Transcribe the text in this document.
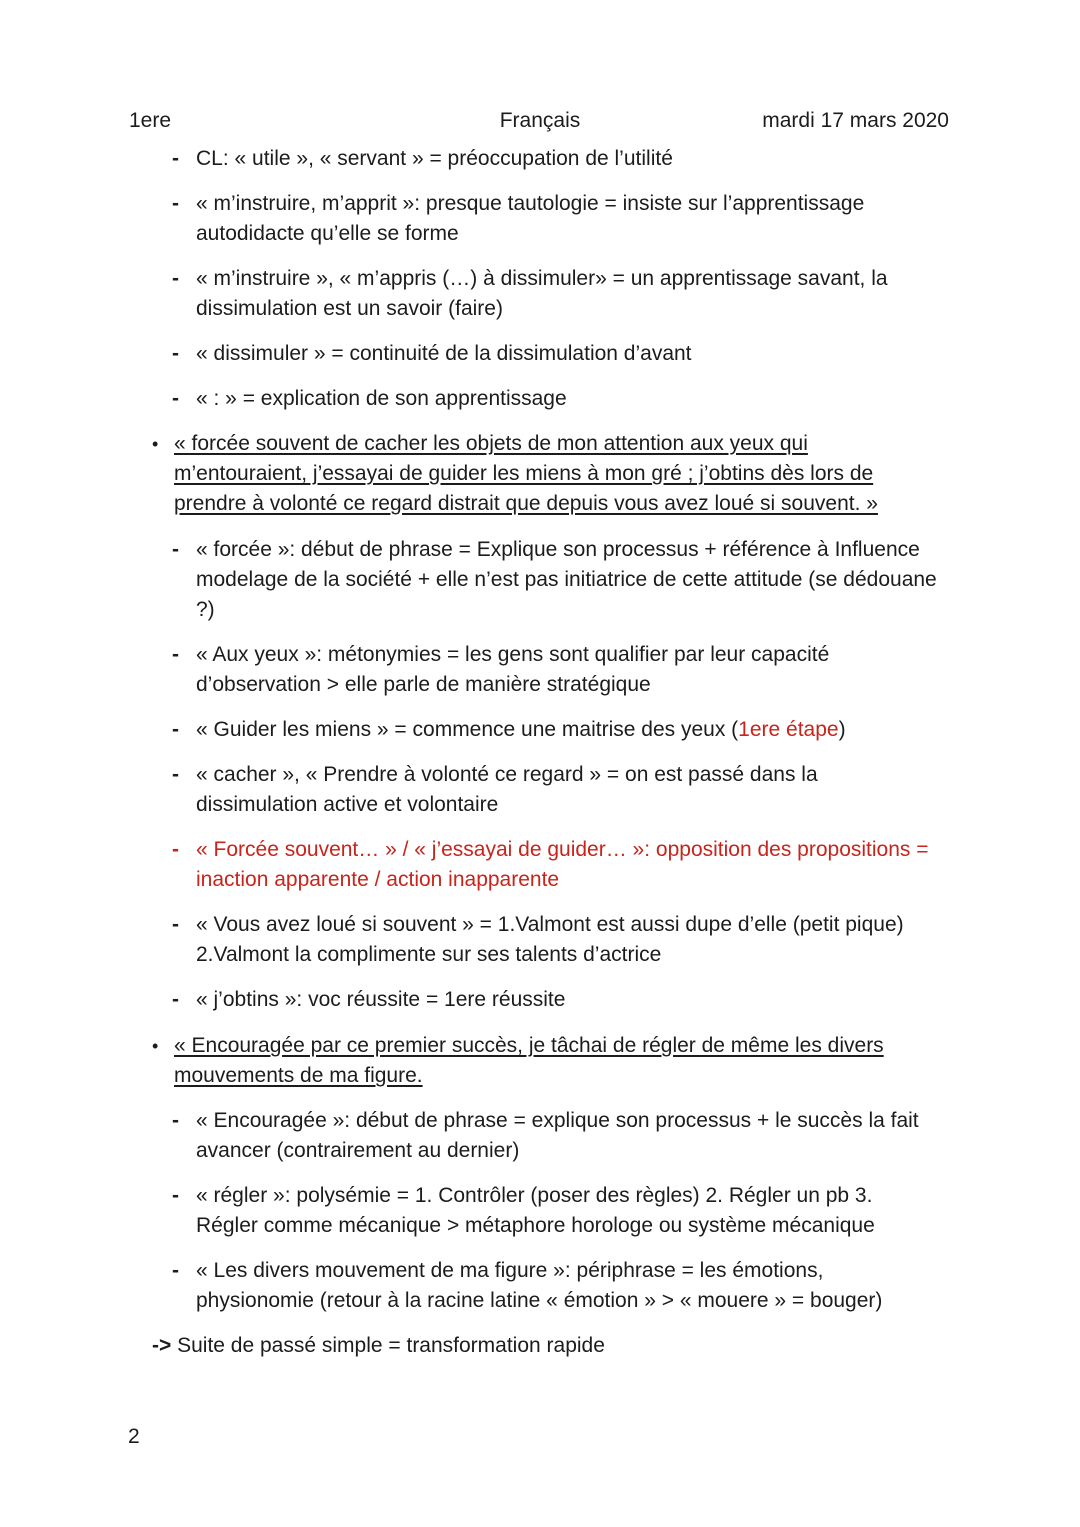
1ere	Français	mardi 17 mars 2020
- CL: « utile », « servant » = préoccupation de l’utilité
- « m’instruire, m’apprit »: presque tautologie = insiste sur l’apprentissage autodidacte qu’elle se forme
- « m’instruire », « m’appris (…) à dissimuler» = un apprentissage savant, la dissimulation est un savoir (faire)
- « dissimuler » = continuité de la dissimulation d’avant
- « : » = explication de son apprentissage
• « forcée souvent de cacher les objets de mon attention aux yeux qui m’entouraient, j’essayai de guider les miens à mon gré ; j’obtins dès lors de prendre à volonté ce regard distrait que depuis vous avez loué si souvent. »
- « forcée »: début de phrase = Explique son processus + référence à Influence modelage de la société + elle n’est pas initiatrice de cette attitude (se dédouane ?)
- « Aux yeux »: métonymies = les gens sont qualifier par leur capacité d’observation > elle parle de manière stratégique
- « Guider les miens » = commence une maitrise des yeux (1ere étape)
- « cacher », « Prendre à volonté ce regard » = on est passé dans la dissimulation active et volontaire
- « Forcée souvent… » / « j’essayai de guider… »: opposition des propositions = inaction apparente / action inapparente
- « Vous avez loué si souvent » = 1.Valmont est aussi dupe d’elle (petit pique)
2.Valmont la complimente sur ses talents d’actrice
- « j’obtins »: voc réussite = 1ere réussite
• « Encouragée par ce premier succès, je tâchai de régler de même les divers mouvements de ma figure.
- « Encouragée »: début de phrase = explique son processus + le succès la fait avancer (contrairement au dernier)
- « régler »: polysémie = 1. Contrôler (poser des règles) 2. Régler un pb 3.
Régler comme mécanique > métaphore horologe ou système mécanique
- « Les divers mouvement de ma figure »: périphrase = les émotions, physionomie (retour à la racine latine « émotion » > « mouere » = bouger)
-> Suite de passé simple = transformation rapide
2
